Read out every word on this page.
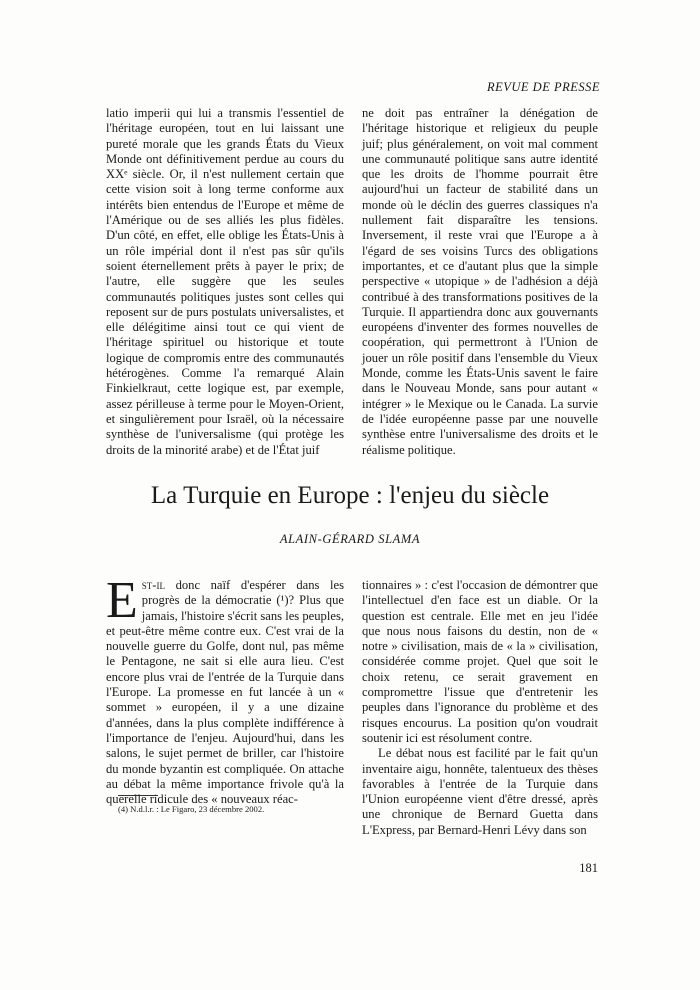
REVUE DE PRESSE

latio imperii qui lui a transmis l'essentiel de l'héritage européen, tout en lui laissant une pureté morale que les grands États du Vieux Monde ont définitivement perdue au cours du XXᵉ siècle. Or, il n'est nullement certain que cette vision soit à long terme conforme aux intérêts bien entendus de l'Europe et même de l'Amérique ou de ses alliés les plus fidèles. D'un côté, en effet, elle oblige les États-Unis à un rôle impérial dont il n'est pas sûr qu'ils soient éternellement prêts à payer le prix; de l'autre, elle suggère que les seules communautés politiques justes sont celles qui reposent sur de purs postulats universalistes, et elle délégitime ainsi tout ce qui vient de l'héritage spirituel ou historique et toute logique de compromis entre des communautés hétérogènes. Comme l'a remarqué Alain Finkielkraut, cette logique est, par exemple, assez périlleuse à terme pour le Moyen-Orient, et singulièrement pour Israël, où la nécessaire synthèse de l'universalisme (qui protège les droits de la minorité arabe) et de l'État juif

ne doit pas entraîner la dénégation de l'héritage historique et religieux du peuple juif; plus généralement, on voit mal comment une communauté politique sans autre identité que les droits de l'homme pourrait être aujourd'hui un facteur de stabilité dans un monde où le déclin des guerres classiques n'a nullement fait disparaître les tensions. Inversement, il reste vrai que l'Europe a à l'égard de ses voisins Turcs des obligations importantes, et ce d'autant plus que la simple perspective « utopique » de l'adhésion a déjà contribué à des transformations positives de la Turquie. Il appartiendra donc aux gouvernants européens d'inventer des formes nouvelles de coopération, qui permettront à l'Union de jouer un rôle positif dans l'ensemble du Vieux Monde, comme les États-Unis savent le faire dans le Nouveau Monde, sans pour autant « intégrer » le Mexique ou le Canada. La survie de l'idée européenne passe par une nouvelle synthèse entre l'universalisme des droits et le réalisme politique.

La Turquie en Europe : l'enjeu du siècle
ALAIN-GÉRARD SLAMA

Est-il donc naïf d'espérer dans les progrès de la démocratie (¹)? Plus que jamais, l'histoire s'écrit sans les peuples, et peut-être même contre eux. C'est vrai de la nouvelle guerre du Golfe, dont nul, pas même le Pentagone, ne sait si elle aura lieu. C'est encore plus vrai de l'entrée de la Turquie dans l'Europe. La promesse en fut lancée à un « sommet » européen, il y a une dizaine d'années, dans la plus complète indifférence à l'importance de l'enjeu. Aujourd'hui, dans les salons, le sujet permet de briller, car l'histoire du monde byzantin est compliquée. On attache au débat la même importance frivole qu'à la querelle ridicule des « nouveaux réac-

tionnaires » : c'est l'occasion de démontrer que l'intellectuel d'en face est un diable. Or la question est centrale. Elle met en jeu l'idée que nous nous faisons du destin, non de « notre » civilisation, mais de « la » civilisation, considérée comme projet. Quel que soit le choix retenu, ce serait gravement en compromettre l'issue que d'entretenir les peuples dans l'ignorance du problème et des risques encourus. La position qu'on voudrait soutenir ici est résolument contre.

Le débat nous est facilité par le fait qu'un inventaire aigu, honnête, talentueux des thèses favorables à l'entrée de la Turquie dans l'Union européenne vient d'être dressé, après une chronique de Bernard Guetta dans L'Express, par Bernard-Henri Lévy dans son

(4) N.d.l.r. : Le Figaro, 23 décembre 2002.
181
